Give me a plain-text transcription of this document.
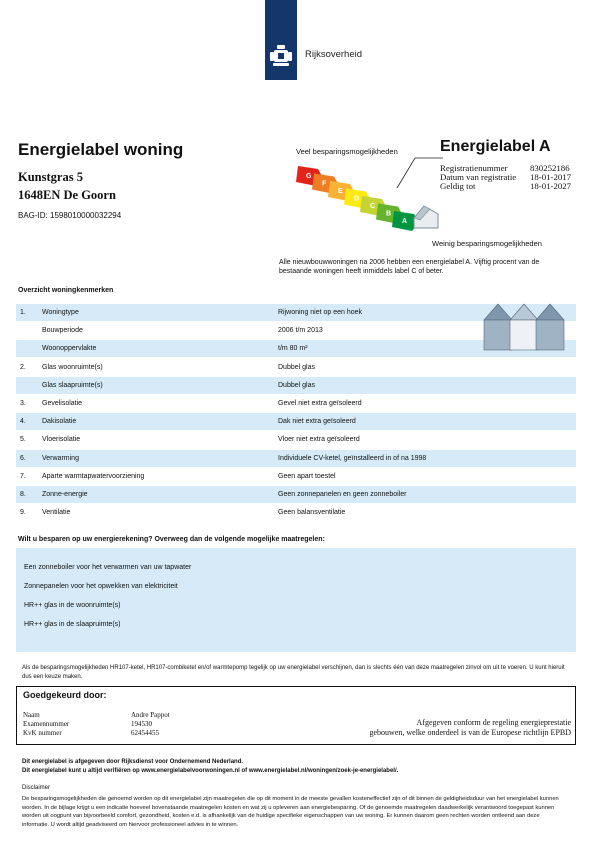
Rijksoverheid
Energielabel woning
Kunstgras 5
1648EN De Goorn
BAG-ID: 1598010000032294
Veel besparingsmogelijkheden
G
F
E
D
C
B
A
Weinig besparingsmogelijkheden
Energielabel A
Registratienummer	830252186
Datum van registratie 18-01-2017
Geldig tot	18-01-2027
Alle nieuwbouwwoningen na 2006 hebben een energielabel A. Vijftig procent van de bestaande woningen heeft inmiddels label C of beter.
Overzicht woningkenmerken
1. Woningtype	Rijwoning niet op een hoek
Bouwperiode	2006 t/m 2013
Woonoppervlakte	t/m 80 m²
2. Glas woonruimte(s)	Dubbel glas
Glas slaapruimte(s)	Dubbel glas
3. Gevelisolatie	Gevel niet extra geïsoleerd
4. Dakisolatie	Dak niet extra geïsoleerd
5. Vloerisolatie	Vloer niet extra geïsoleerd
6. Verwarming	Individuele CV-ketel, geïnstalleerd in of na 1998
7. Aparte warmtapwatervoorziening	Geen apart toestel
8. Zonne-energie	Geen zonnepanelen en geen zonneboiler
9. Ventilatie	Geen balansventilatie
Wilt u besparen op uw energierekening? Overweeg dan de volgende mogelijke maatregelen:
Een zonneboiler voor het verwarmen van uw tapwater
Zonnepanelen voor het opwekken van elektriciteit
HR++ glas in de woonruimte(s)
HR++ glas in de slaapruimte(s)
Als de besparingsmogelijkheden HR107-ketel, HR107-combiketel en/of warmtepomp tegelijk op uw energielabel verschijnen, dan is slechts één van deze maatregelen zinvol om uit te voeren. U kunt hieruit dus een keuze maken.
Goedgekeurd door:
Naam	Andre Pappot
Examennummer	194530
KvK nummer	62454455
Afgegeven conform de regeling energieprestatie
gebouwen, welke onderdeel is van de Europese richtlijn EPBD
Dit energielabel is afgegeven door Rijksdienst voor Ondernemend Nederland.
Dit energielabel kunt u altijd verifiëren op www.energielabelvoorwoningen.nl of www.energielabel.nl/woningen/zoek-je-energielabel/.
Disclaimer
De besparingsmogelijkheden die genoemd worden op dit energielabel zijn maatregelen die op dit moment in de meeste gevallen kosteneffectief zijn of dit binnen de geldigheidsduur van het energielabel kunnen worden. In de bijlage krijgt u een indicatie hoeveel bovenstaande maatregelen kosten en wat zij u opleveren aan energiebesparing. Of de genoemde maatregelen daadwerkelijk verantwoord toegepast kunnen worden uit oogpunt van bijvoorbeeld comfort, gezondheid, kosten e.d. is afhankelijk van de huidige specifieke eigenschappen van uw woning. Er kunnen daarom geen rechten worden ontleend aan deze informatie. U wordt altijd geadviseerd om hiervoor professioneel advies in te winnen.
